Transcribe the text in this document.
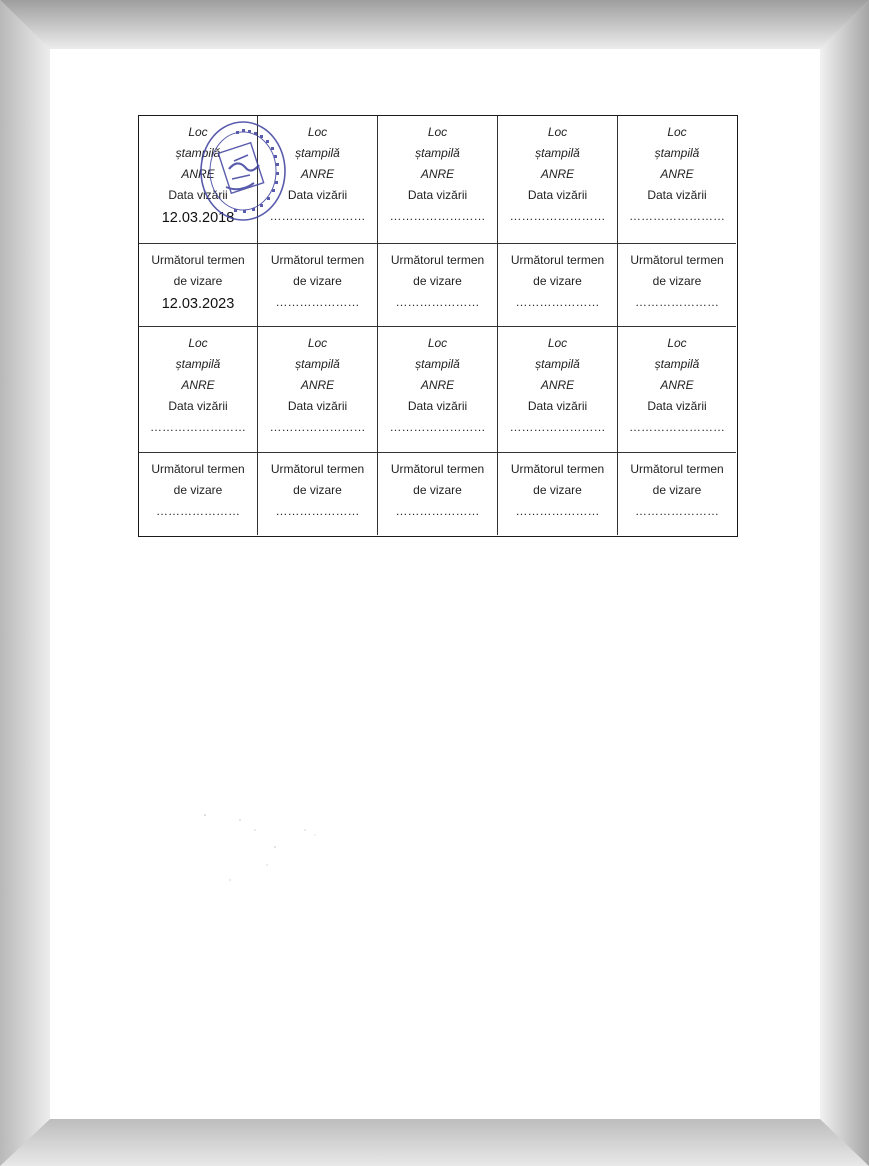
Loc
ștampilă
ANRE
Data vizării
12.03.2018
Loc
ștampilă
ANRE
Data vizării
……………………
Loc
ștampilă
ANRE
Data vizării
……………………
Loc
ștampilă
ANRE
Data vizării
……………………
Loc
ștampilă
ANRE
Data vizării
……………………
Următorul termen
de vizare
12.03.2023
Următorul termen
de vizare
…………………
Următorul termen
de vizare
…………………
Următorul termen
de vizare
…………………
Următorul termen
de vizare
…………………
Loc
ștampilă
ANRE
Data vizării
……………………
Loc
ștampilă
ANRE
Data vizării
……………………
Loc
ștampilă
ANRE
Data vizării
……………………
Loc
ștampilă
ANRE
Data vizării
……………………
Loc
ștampilă
ANRE
Data vizării
……………………
Următorul termen
de vizare
…………………
Următorul termen
de vizare
…………………
Următorul termen
de vizare
…………………
Următorul termen
de vizare
…………………
Următorul termen
de vizare
…………………
